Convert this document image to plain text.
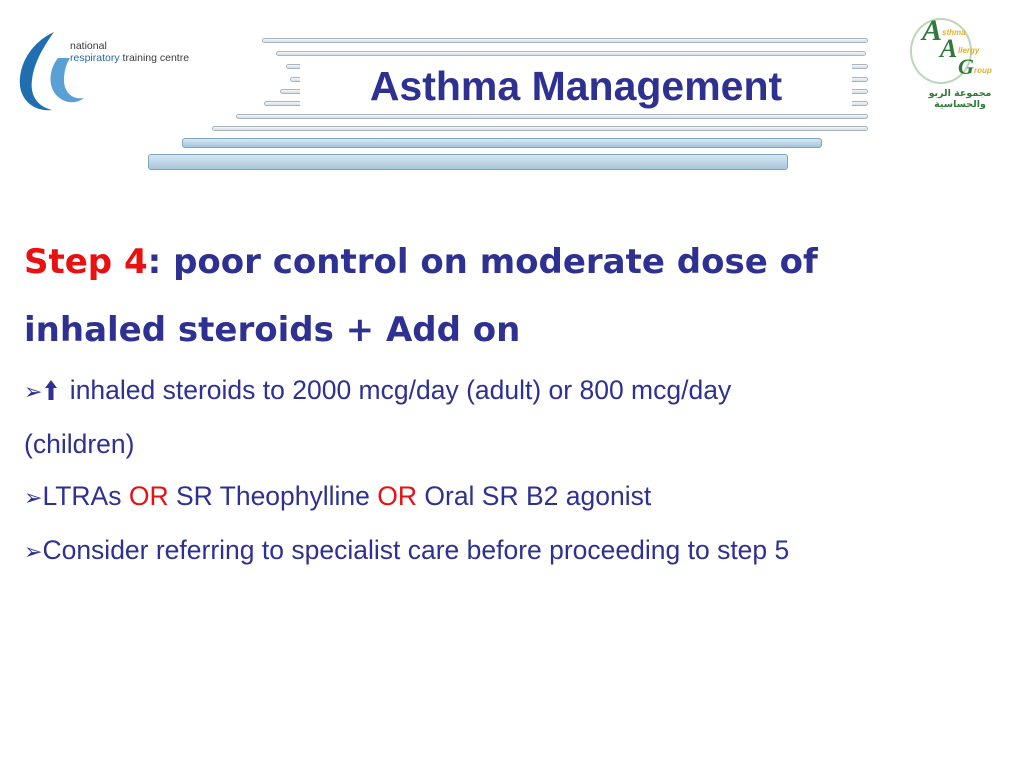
Asthma Management
national
respiratory training centre
A sthma
A llergy
G roup
مجموعة الربو والحساسية

Step 4: poor control on moderate dose of
inhaled steroids + Add on

➢ inhaled steroids to 2000 mcg/day (adult) or 800 mcg/day
(children)

➢LTRAs OR SR Theophylline OR Oral SR B2 agonist

➢Consider referring to specialist care before proceeding to step 5
